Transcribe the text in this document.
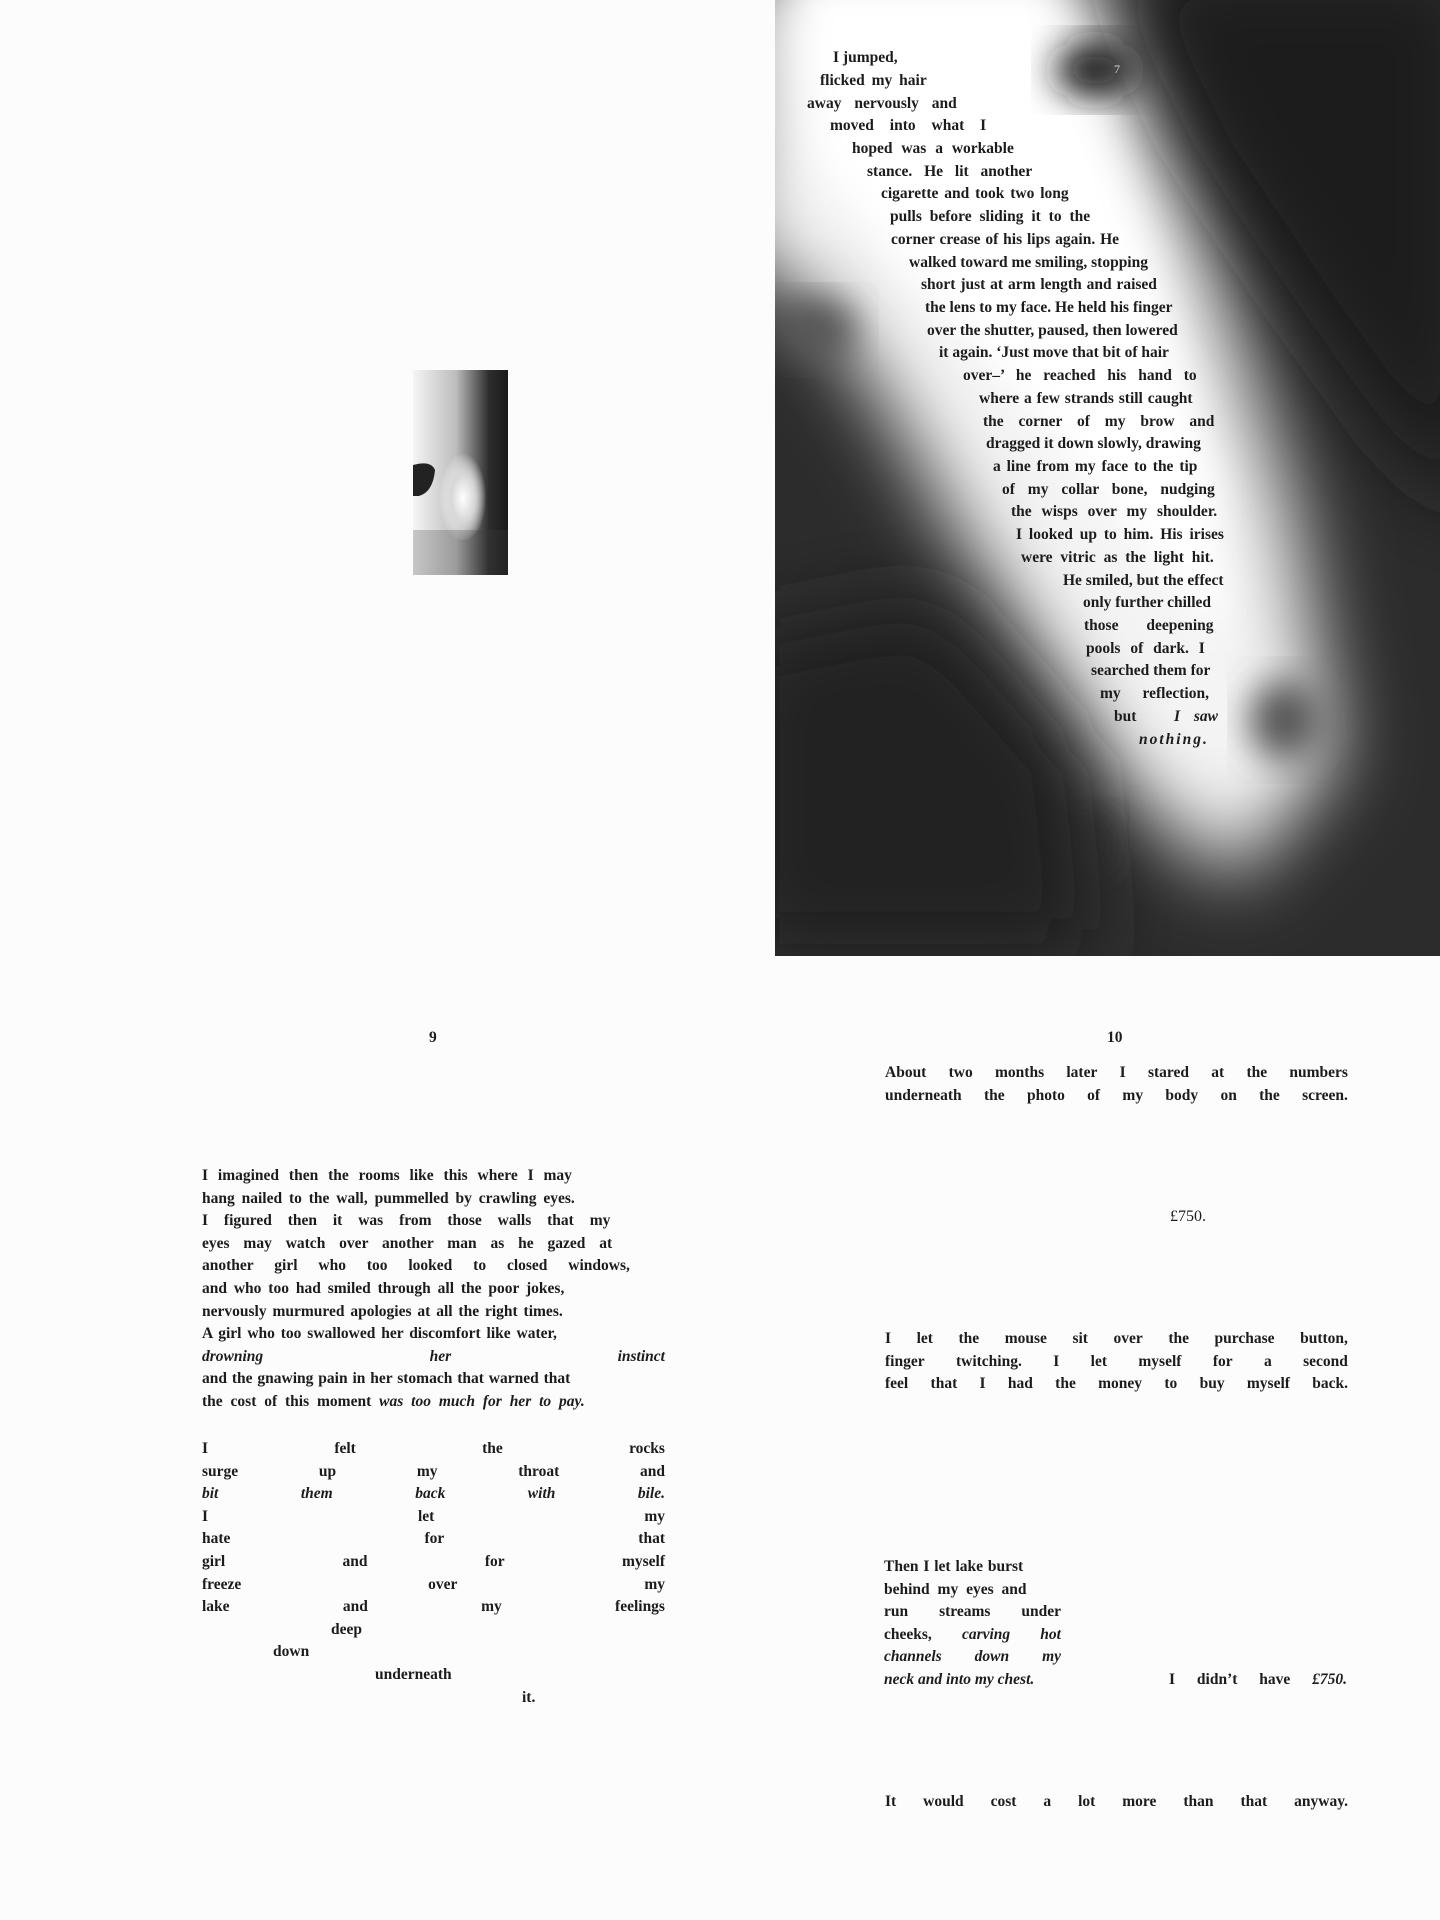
7
I jumped,
flicked my hair
away nervously and
moved into what I
hoped was a workable
stance. He lit another
cigarette and took two long
pulls before sliding it to the
corner crease of his lips again. He
walked toward me smiling, stopping
short just at arm length and raised
the lens to my face. He held his finger
over the shutter, paused, then lowered
it again. ‘Just move that bit of hair
over–’ he reached his hand to
where a few strands still caught
the corner of my brow and
dragged it down slowly, drawing
a line from my face to the tip
of my collar bone, nudging
the wisps over my shoulder.
I looked up to him. His irises
were vitric as the light hit.
He smiled, but the effect
only further chilled
those deepening
pools of dark. I
searched them for
my reflection,
but I saw
nothing.
9
I imagined then the rooms like this where I may
hang nailed to the wall, pummelled by crawling eyes.
I figured then it was from those walls that my
eyes may watch over another man as he gazed at
another girl who too looked to closed windows,
and who too had smiled through all the poor jokes,
nervously murmured apologies at all the right times.
A girl who too swallowed her discomfort like water,
drowning	her	instinct
and the gnawing pain in her stomach that warned that
the cost of this moment was too much for her to pay.
I	felt	the	rocks
surge	up	my	throat	and
bit	them	back	with	bile.
I	let	my
hate	for	that
girl	and	for	myself
freeze	over	my
lake	and	my	feelings
deep
down
underneath
it.
10
About two months later I stared at the numbers
underneath the photo of my body on the screen.
£750.
I let the mouse sit over the purchase button,
finger twitching. I let myself for a second
feel that I had the money to buy myself back.
Then I let lake burst
behind my eyes and
run streams under
cheeks, carving hot
channels down my
neck and into my chest.	I didn’t have £750.
It would cost a lot more than that anyway.
